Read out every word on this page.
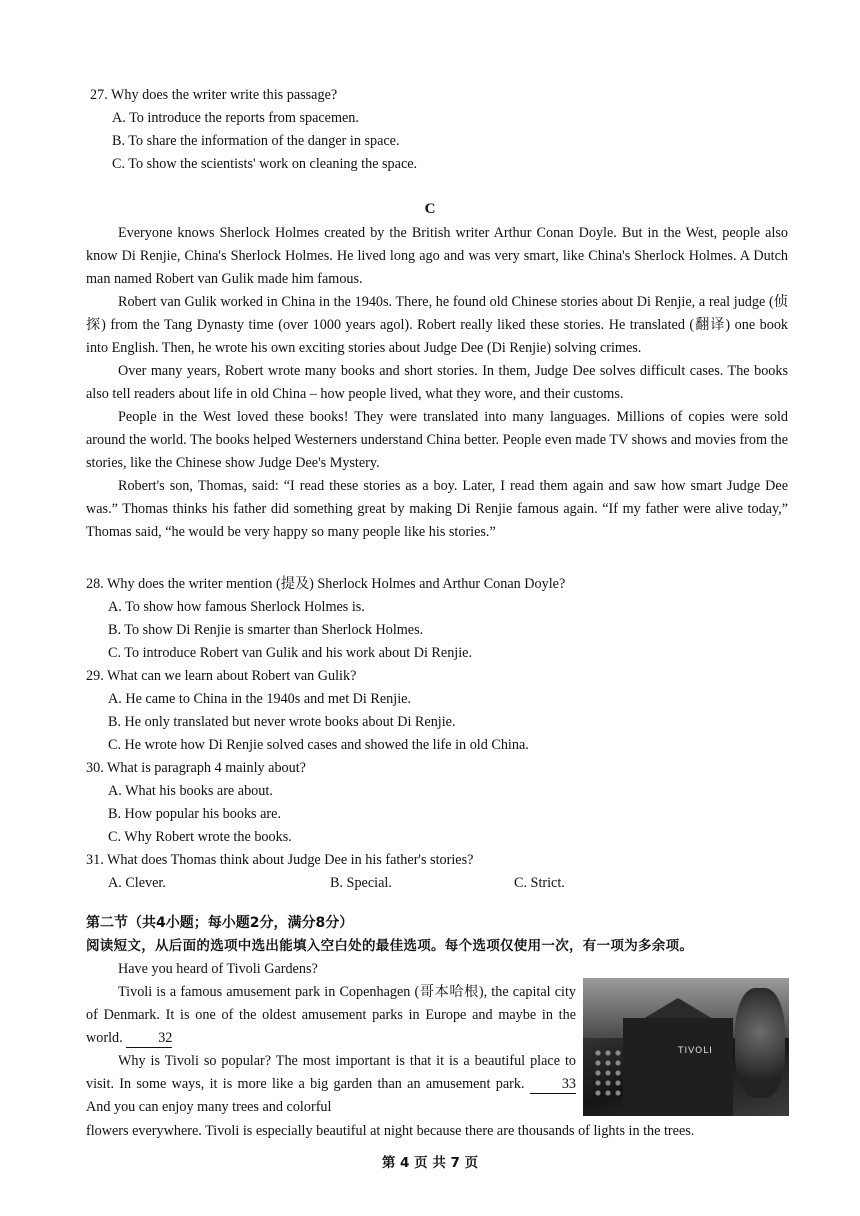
27. Why does the writer write this passage?
A. To introduce the reports from spacemen.
B. To share the information of the danger in space.
C. To show the scientists' work on cleaning the space.
C

Everyone knows Sherlock Holmes created by the British writer Arthur Conan Doyle. But in the West, people also know Di Renjie, China's Sherlock Holmes. He lived long ago and was very smart, like China's Sherlock Holmes. A Dutch man named Robert van Gulik made him famous.

Robert van Gulik worked in China in the 1940s. There, he found old Chinese stories about Di Renjie, a real judge (侦探) from the Tang Dynasty time (over 1000 years agol). Robert really liked these stories. He translated (翻译) one book into English. Then, he wrote his own exciting stories about Judge Dee (Di Renjie) solving crimes.

Over many years, Robert wrote many books and short stories. In them, Judge Dee solves difficult cases. The books also tell readers about life in old China – how people lived, what they wore, and their customs.

People in the West loved these books! They were translated into many languages. Millions of copies were sold around the world. The books helped Westerners understand China better. People even made TV shows and movies from the stories, like the Chinese show Judge Dee's Mystery.

Robert's son, Thomas, said: “I read these stories as a boy. Later, I read them again and saw how smart Judge Dee was.” Thomas thinks his father did something great by making Di Renjie famous again. “If my father were alive today,” Thomas said, “he would be very happy so many people like his stories.”

28. Why does the writer mention (提及) Sherlock Holmes and Arthur Conan Doyle?
A. To show how famous Sherlock Holmes is.
B. To show Di Renjie is smarter than Sherlock Holmes.
C. To introduce Robert van Gulik and his work about Di Renjie.
29. What can we learn about Robert van Gulik?
A. He came to China in the 1940s and met Di Renjie.
B. He only translated but never wrote books about Di Renjie.
C. He wrote how Di Renjie solved cases and showed the life in old China.
30. What is paragraph 4 mainly about?
A. What his books are about.
B. How popular his books are.
C. Why Robert wrote the books.
31. What does Thomas think about Judge Dee in his father's stories?
A. Clever.	B. Special.	C. Strict.
第二节（共4小题；每小题2分，满分8分）
阅读短文，从后面的选项中选出能填入空白处的最佳选项。每个选项仅使用一次，有一项为多余项。

Have you heard of Tivoli Gardens?

Tivoli is a famous amusement park in Copenhagen (哥本哈根), the capital city of Denmark. It is one of the oldest amusement parks in Europe and maybe in the world.	32

Why is Tivoli so popular? The most important is that it is a beautiful place to visit. In some ways, it is more like a big garden than an amusement park.	33 And you can enjoy many trees and colorful

flowers everywhere. Tivoli is especially beautiful at night because there are thousands of lights in the trees.
TIVOLI
第 4 页 共 7 页
